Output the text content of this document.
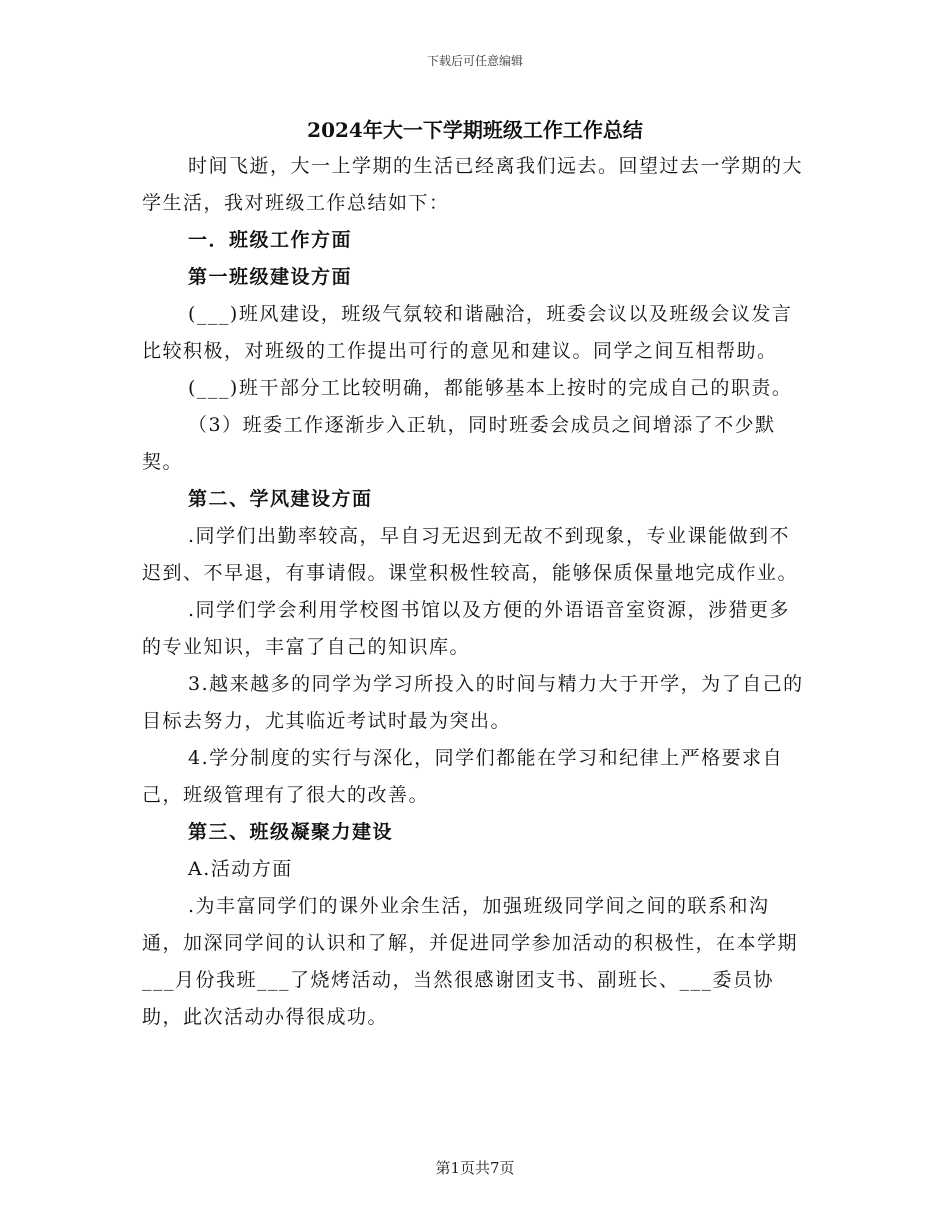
下载后可任意编辑
2024年大一下学期班级工作工作总结

时间飞逝，大一上学期的生活已经离我们远去。回望过去一学期的大学生活，我对班级工作总结如下：

一．班级工作方面

第一班级建设方面

(___)班风建设，班级气氛较和谐融洽，班委会议以及班级会议发言比较积极，对班级的工作提出可行的意见和建议。同学之间互相帮助。

(___)班干部分工比较明确，都能够基本上按时的完成自己的职责。

（3）班委工作逐渐步入正轨，同时班委会成员之间增添了不少默契。

第二、学风建设方面

.同学们出勤率较高，早自习无迟到无故不到现象，专业课能做到不迟到、不早退，有事请假。课堂积极性较高，能够保质保量地完成作业。

.同学们学会利用学校图书馆以及方便的外语语音室资源，涉猎更多的专业知识，丰富了自己的知识库。

3.越来越多的同学为学习所投入的时间与精力大于开学，为了自己的目标去努力，尤其临近考试时最为突出。

4.学分制度的实行与深化，同学们都能在学习和纪律上严格要求自己，班级管理有了很大的改善。

第三、班级凝聚力建设

A.活动方面

.为丰富同学们的课外业余生活，加强班级同学间之间的联系和沟通，加深同学间的认识和了解，并促进同学参加活动的积极性，在本学期___月份我班___了烧烤活动，当然很感谢团支书、副班长、___委员协助，此次活动办得很成功。

第1页共7页
